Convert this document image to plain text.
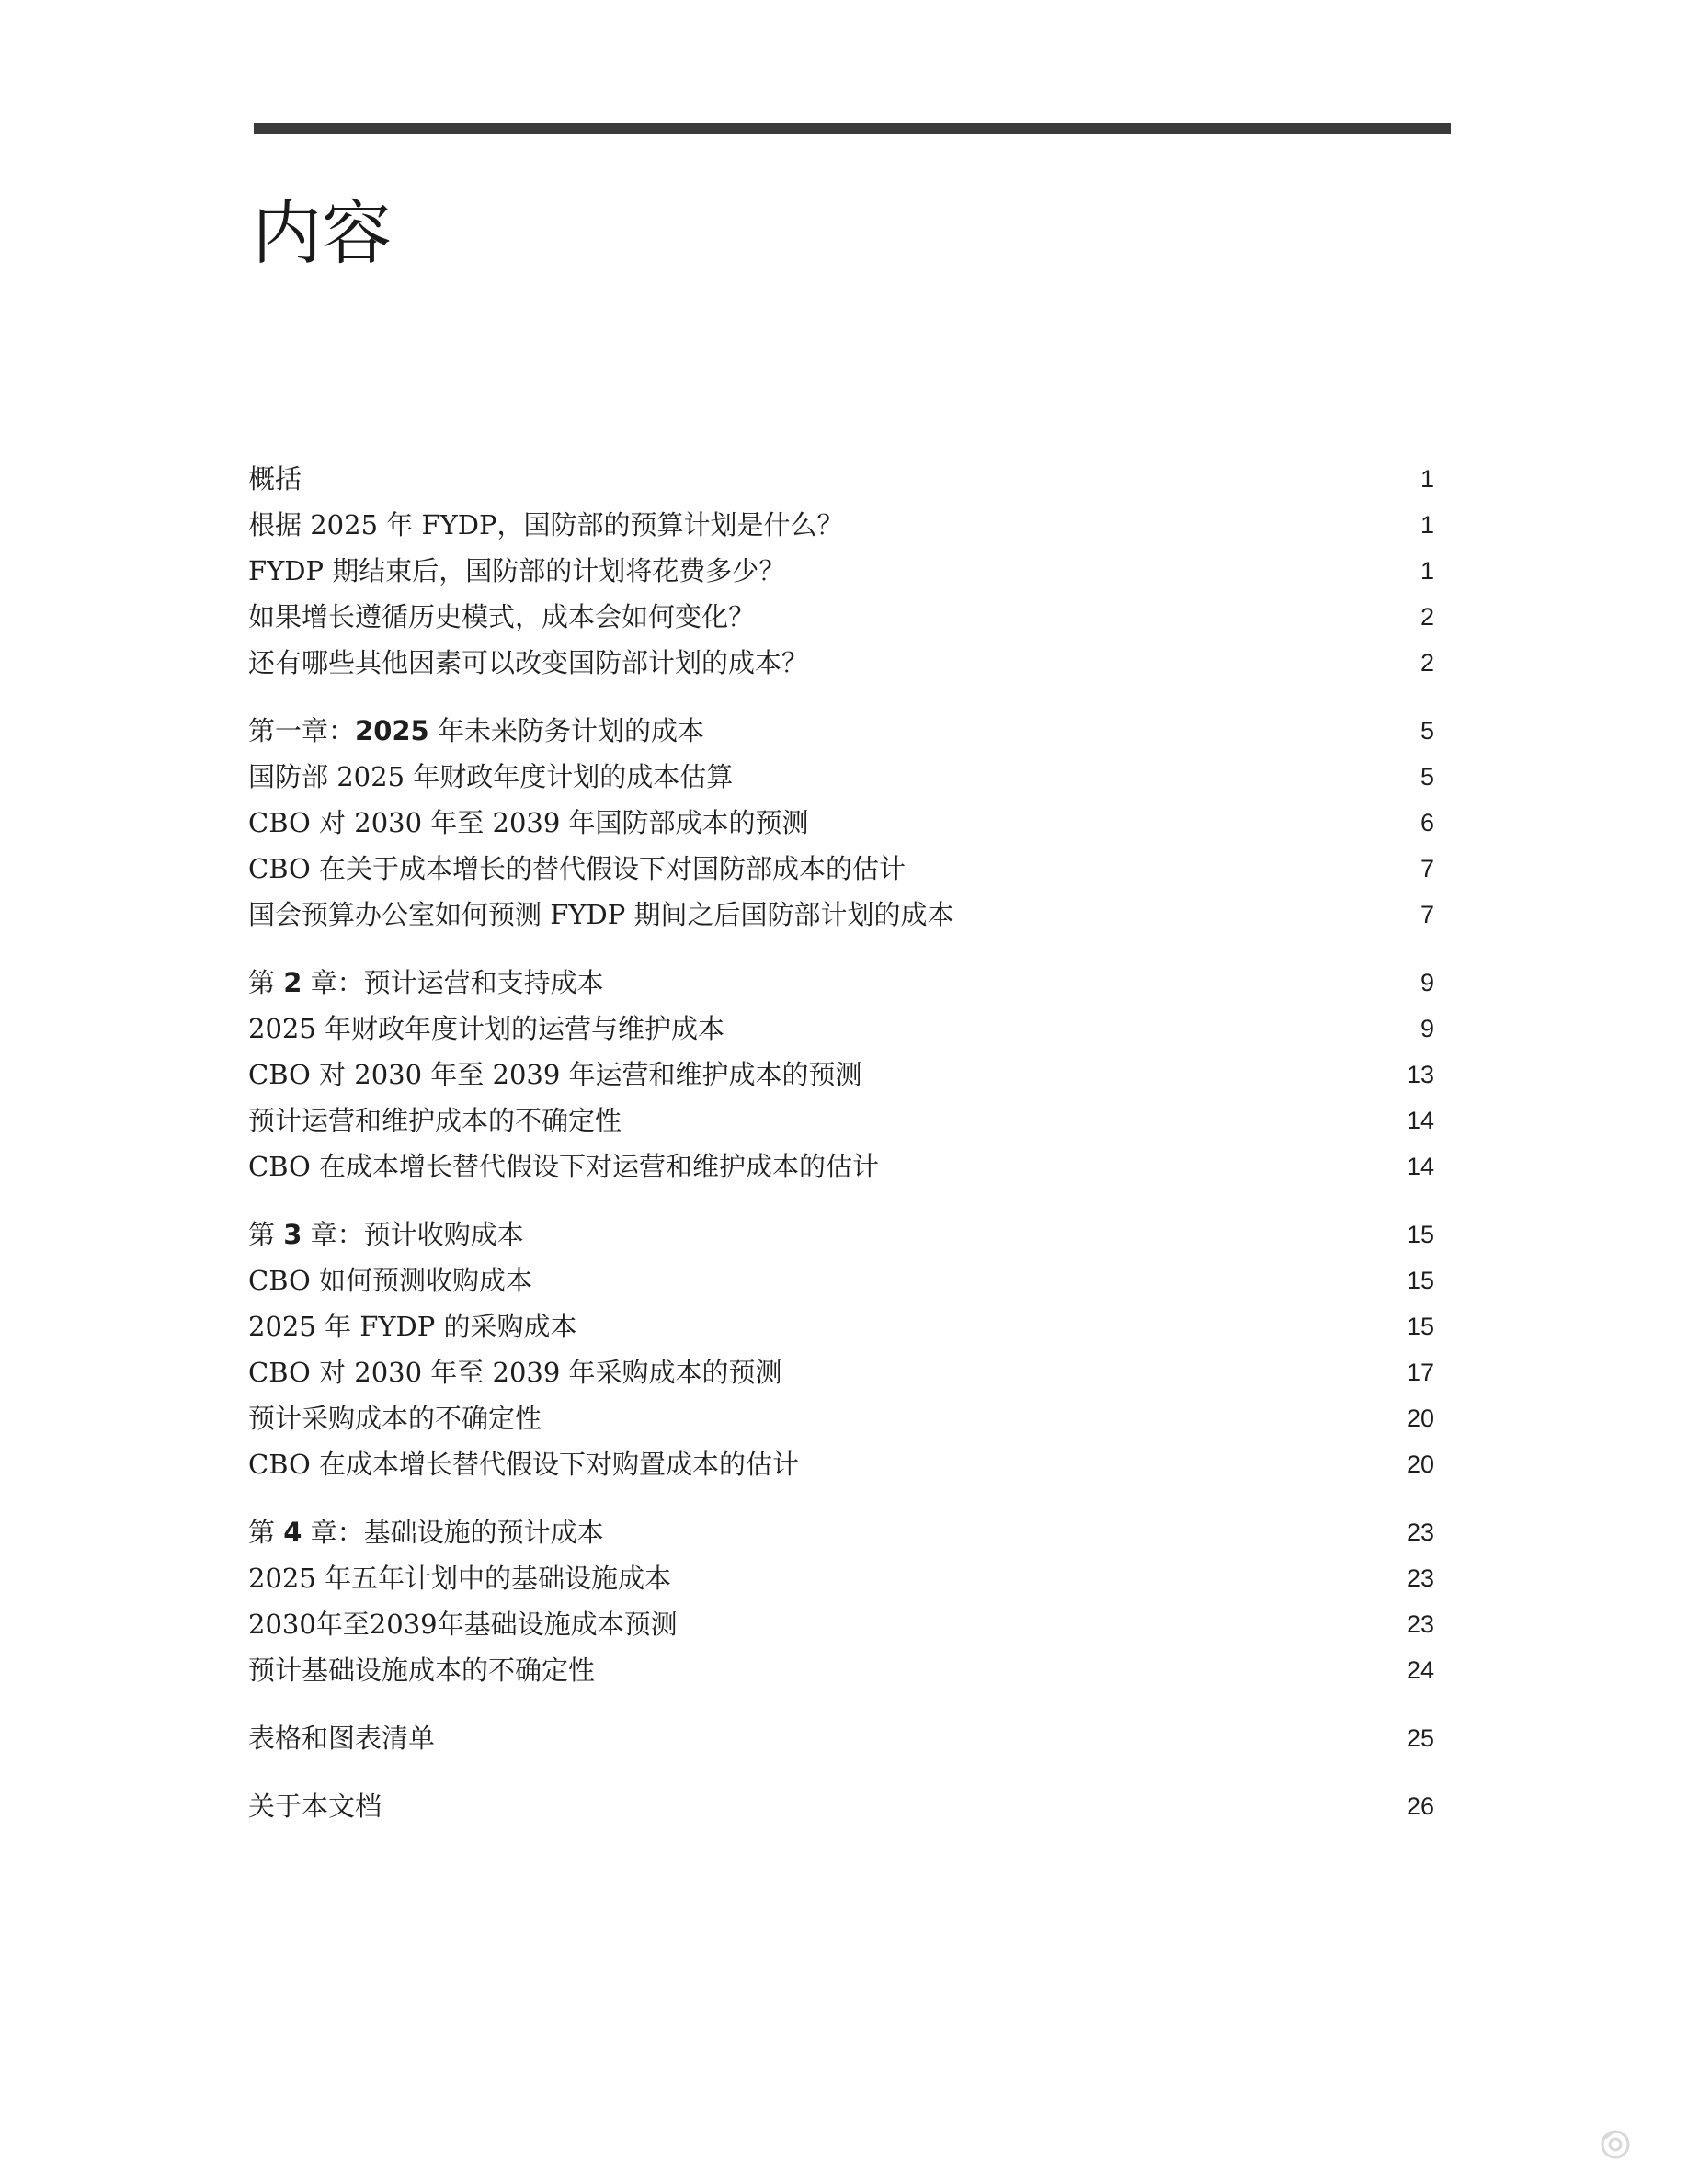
内容
概括	1
根据 2025 年 FYDP，国防部的预算计划是什么？	1
FYDP 期结束后，国防部的计划将花费多少？	1
如果增长遵循历史模式，成本会如何变化？	2
还有哪些其他因素可以改变国防部计划的成本？	2
第一章：2025 年未来防务计划的成本	5
国防部 2025 年财政年度计划的成本估算	5
CBO 对 2030 年至 2039 年国防部成本的预测	6
CBO 在关于成本增长的替代假设下对国防部成本的估计	7
国会预算办公室如何预测 FYDP 期间之后国防部计划的成本	7
第 2 章：预计运营和支持成本	9
2025 年财政年度计划的运营与维护成本	9
CBO 对 2030 年至 2039 年运营和维护成本的预测	13
预计运营和维护成本的不确定性	14
CBO 在成本增长替代假设下对运营和维护成本的估计	14
第 3 章：预计收购成本	15
CBO 如何预测收购成本	15
2025 年 FYDP 的采购成本	15
CBO 对 2030 年至 2039 年采购成本的预测	17
预计采购成本的不确定性	20
CBO 在成本增长替代假设下对购置成本的估计	20
第 4 章：基础设施的预计成本	23
2025 年五年计划中的基础设施成本	23
2030年至2039年基础设施成本预测	23
预计基础设施成本的不确定性	24
表格和图表清单	25
关于本文档	26
